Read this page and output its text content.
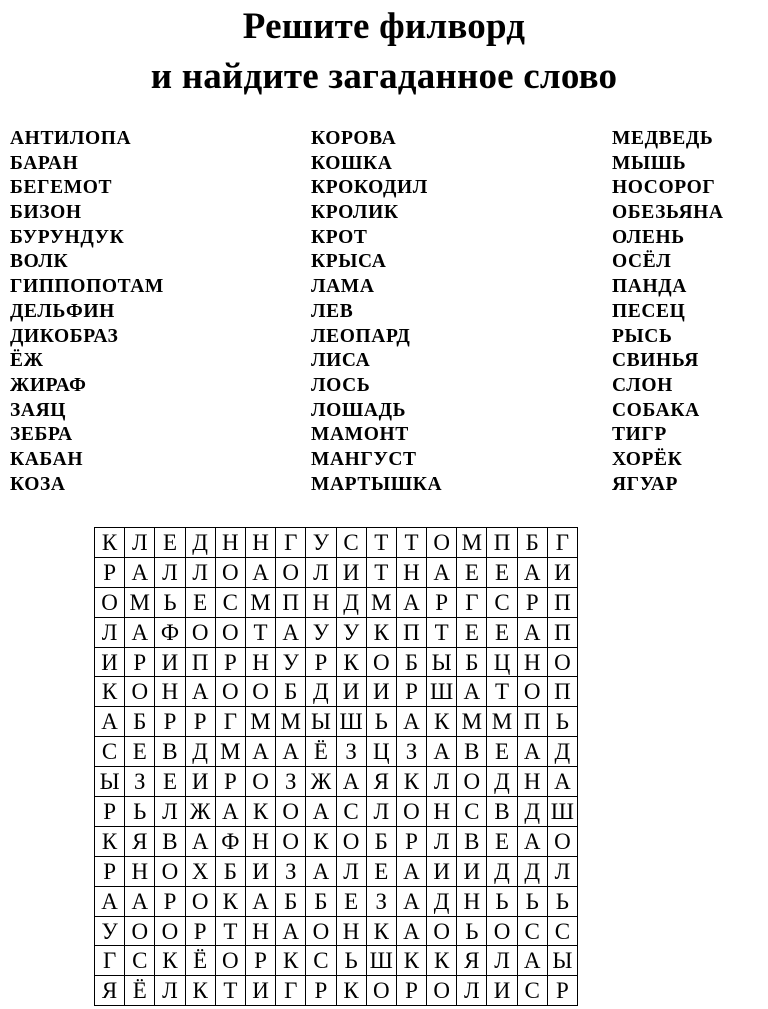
Решите филворд
и найдите загаданное слово
АНТИЛОПА
БАРАН
БЕГЕМОТ
БИЗОН
БУРУНДУК
ВОЛК
ГИППОПОТАМ
ДЕЛЬФИН
ДИКОБРАЗ
ЁЖ
ЖИРАФ
ЗАЯЦ
ЗЕБРА
КАБАН
КОЗА
КОРОВА
КОШКА
КРОКОДИЛ
КРОЛИК
КРОТ
КРЫСА
ЛАМА
ЛЕВ
ЛЕОПАРД
ЛИСА
ЛОСЬ
ЛОШАДЬ
МАМОНТ
МАНГУСТ
МАРТЫШКА
МЕДВЕДЬ
МЫШЬ
НОСОРОГ
ОБЕЗЬЯНА
ОЛЕНЬ
ОСЁЛ
ПАНДА
ПЕСЕЦ
РЫСЬ
СВИНЬЯ
СЛОН
СОБАКА
ТИГР
ХОРЁК
ЯГУАР
К	Л	Е	Д	Н	Н	Г	У	С	Т	Т	О	М	П	Б	Г
Р	А	Л	Л	О	А	О	Л	И	Т	Н	А	Е	Е	А	И
О	М	Ь	Е	С	М	П	Н	Д	М	А	Р	Г	С	Р	П
Л	А	Ф	О	О	Т	А	У	У	К	П	Т	Е	Е	А	П
И	Р	И	П	Р	Н	У	Р	К	О	Б	Ы	Б	Ц	Н	О
К	О	Н	А	О	О	Б	Д	И	И	Р	Ш	А	Т	О	П
А	Б	Р	Р	Г	М	М	Ы	Ш	Ь	А	К	М	М	П	Ь
С	Е	В	Д	М	А	А	Ё	З	Ц	З	А	В	Е	А	Д
Ы	З	Е	И	Р	О	З	Ж	А	Я	К	Л	О	Д	Н	А
Р	Ь	Л	Ж	А	К	О	А	С	Л	О	Н	С	В	Д	Ш
К	Я	В	А	Ф	Н	О	К	О	Б	Р	Л	В	Е	А	О
Р	Н	О	Х	Б	И	З	А	Л	Е	А	И	И	Д	Д	Л
А	А	Р	О	К	А	Б	Б	Е	З	А	Д	Н	Ь	Ь	Ь
У	О	О	Р	Т	Н	А	О	Н	К	А	О	Ь	О	С	С
Г	С	К	Ё	О	Р	К	С	Ь	Ш	К	К	Я	Л	А	Ы
Я	Ё	Л	К	Т	И	Г	Р	К	О	Р	О	Л	И	С	Р
